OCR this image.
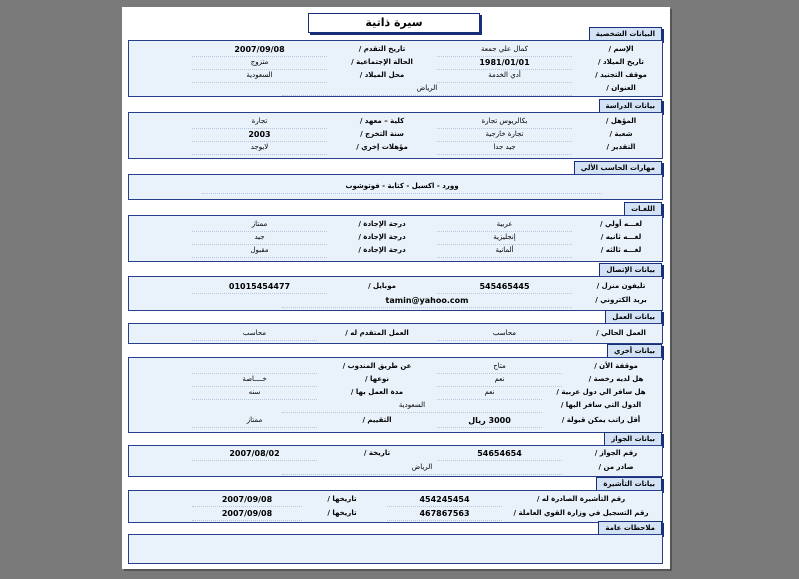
سيرة ذاتية
البيانات الشخصية
الإسم /
كمال علي جمعة
تاريخ التقدم /
2007/09/08
تاريخ الميلاد /
1981/01/01
الحالة الإجتماعية /
متزوج
موقف التجنيد /
أدي الخدمة
محل الميلاد /
السعودية
العنوان /
الرياض
بيانات الدراسة
المؤهل /
بكالريوس تجارة
كلية – معهد /
تجارة
شعبة /
تجارة خارجية
سنة التخرج /
2003
التقدير /
جيد جدا
مؤهلات إخري /
لايوجد
مهارات الحاسب الألي
وورد - اكسيل - كتابة - فوتوشوب
اللغـات
لغـــه أولي /
عربية
درجة الإجادة /
ممتاز
لغـــه ثانيه /
إنجليزية
درجة الإجادة /
جيد
لغـــه ثالثه /
ألمانية
درجة الإجادة /
مقبول
بيانات الإتصال
تليفون منزل /
545465445
موبايل /
01015454477
بريد الكتروني /
tamin@yahoo.com
بيانات العمل
العمل الحالي /
محاسب
العمل المتقدم له /
محاسب
بيانات أخري
موقفة الأن /
متاح
عن طريق المندوب /
هل لديه رخصة /
نعم
نوعها /
خــــاصة
هل سافر الي دول عربية /
نعم
مدة العمل بها /
سنه
الدول التي سافر اليها /
السعودية
أقل راتب يمكن قبولة /
3000 ريال
التقييم /
ممتاز
بيانات الجواز
رقم الجواز /
54654654
تاريخة /
2007/08/02
صادر من /
الرياض
بيانات التأشيرة
رقم التأشيرة الصادرة له /
454245454
تاريخها /
2007/09/08
رقم التسجيل في وزارة القوي العاملة /
467867563
تاريخها /
2007/09/08
ملاحظات عامة
